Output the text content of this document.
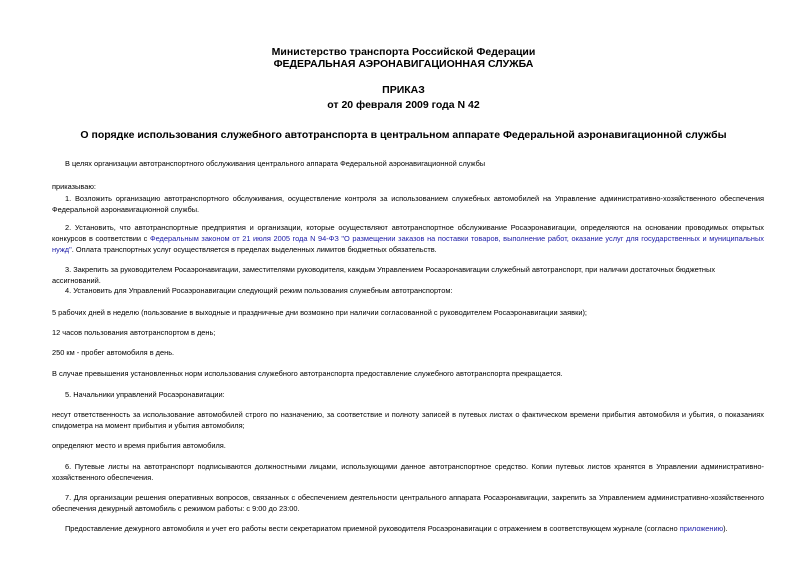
Министерство транспорта Российской Федерации
ФЕДЕРАЛЬНАЯ АЭРОНАВИГАЦИОННАЯ СЛУЖБА
ПРИКАЗ
от 20 февраля 2009 года N 42
О порядке использования служебного автотранспорта в центральном аппарате Федеральной аэронавигационной службы
В целях организации автотранспортного обслуживания центрального аппарата Федеральной аэронавигационной службы
приказываю:
1. Возложить организацию автотранспортного обслуживания, осуществление контроля за использованием служебных автомобилей на Управление административно-хозяйственного обеспечения Федеральной аэронавигационной службы.
2. Установить, что автотранспортные предприятия и организации, которые осуществляют автотранспортное обслуживание Росаэронавигации, определяются на основании проводимых открытых конкурсов в соответствии с Федеральным законом от 21 июля 2005 года N 94-ФЗ "О размещении заказов на поставки товаров, выполнение работ, оказание услуг для государственных и муниципальных нужд". Оплата транспортных услуг осуществляется в пределах выделенных лимитов бюджетных обязательств.
3. Закрепить за руководителем Росаэронавигации, заместителями руководителя, каждым Управлением Росаэронавигации служебный автотранспорт, при наличии достаточных бюджетных ассигнований.
4. Установить для Управлений Росаэронавигации следующий режим пользования служебным автотранспортом:
5 рабочих дней в неделю (пользование в выходные и праздничные дни возможно при наличии согласованной с руководителем Росаэронавигации заявки);
12 часов пользования автотранспортом в день;
250 км - пробег автомобиля в день.
В случае превышения установленных норм использования служебного автотранспорта предоставление служебного автотранспорта прекращается.
5. Начальники управлений Росаэронавигации:
несут ответственность за использование автомобилей строго по назначению, за соответствие и полноту записей в путевых листах о фактическом времени прибытия автомобиля и убытия, о показаниях спидометра на момент прибытия и убытия автомобиля;
определяют место и время прибытия автомобиля.
6. Путевые листы на автотранспорт подписываются должностными лицами, использующими данное автотранспортное средство. Копии путевых листов хранятся в Управлении административно-хозяйственного обеспечения.
7. Для организации решения оперативных вопросов, связанных с обеспечением деятельности центрального аппарата Росаэронавигации, закрепить за Управлением административно-хозяйственного обеспечения дежурный автомобиль с режимом работы: с 9:00 до 23:00.
Предоставление дежурного автомобиля и учет его работы вести секретариатом приемной руководителя Росаэронавигации с отражением в соответствующем журнале (согласно приложению).
